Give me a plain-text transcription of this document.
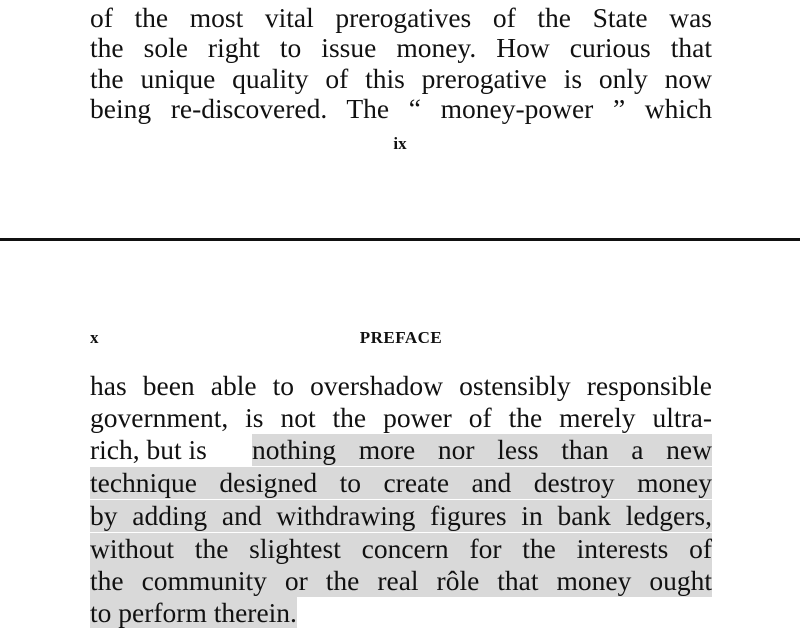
of the most vital prerogatives of the State was
the sole right to issue money. How curious that
the unique quality of this prerogative is only now
being re-discovered. The “ money-power ” which
ix
x	PREFACE
has been able to overshadow ostensibly responsible
government, is not the power of the merely ultra-
rich, but is nothing more nor less than a new
technique designed to create and destroy money
by adding and withdrawing figures in bank ledgers,
without the slightest concern for the interests of
the community or the real rôle that money ought
to perform therein.
